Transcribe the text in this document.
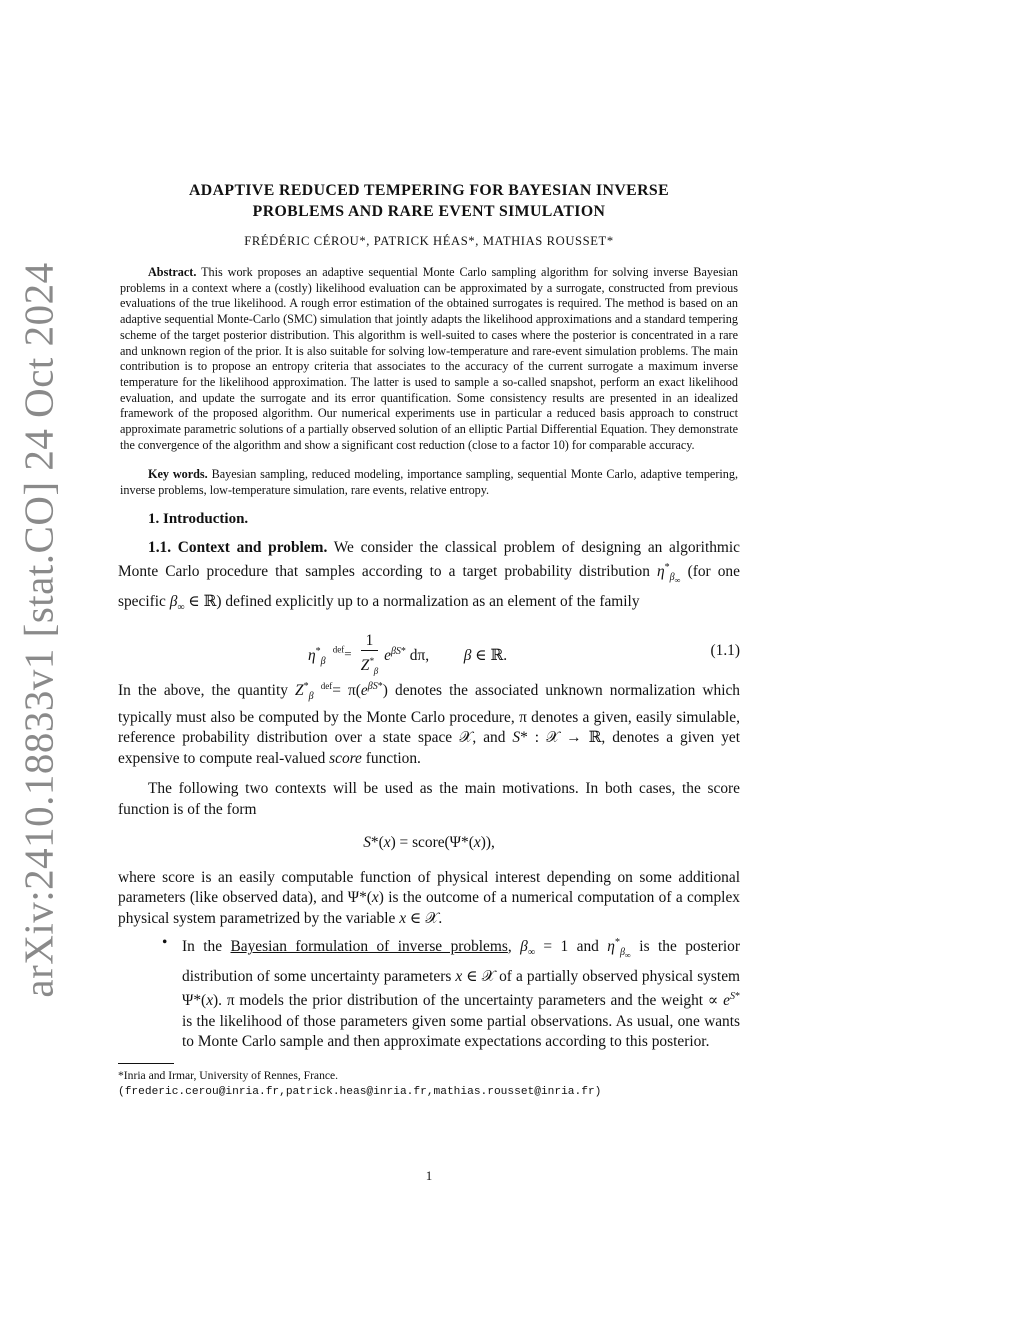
arXiv:2410.18833v1 [stat.CO] 24 Oct 2024
ADAPTIVE REDUCED TEMPERING FOR BAYESIAN INVERSE
PROBLEMS AND RARE EVENT SIMULATION
FRÉDÉRIC CÉROU*, PATRICK HÉAS*, MATHIAS ROUSSET*
Abstract. This work proposes an adaptive sequential Monte Carlo sampling algorithm for solving inverse Bayesian problems in a context where a (costly) likelihood evaluation can be approximated by a surrogate, constructed from previous evaluations of the true likelihood. A rough error estimation of the obtained surrogates is required. The method is based on an adaptive sequential Monte-Carlo (SMC) simulation that jointly adapts the likelihood approximations and a standard tempering scheme of the target posterior distribution. This algorithm is well-suited to cases where the posterior is concentrated in a rare and unknown region of the prior. It is also suitable for solving low-temperature and rare-event simulation problems. The main contribution is to propose an entropy criteria that associates to the accuracy of the current surrogate a maximum inverse temperature for the likelihood approximation. The latter is used to sample a so-called snapshot, perform an exact likelihood evaluation, and update the surrogate and its error quantification. Some consistency results are presented in an idealized framework of the proposed algorithm. Our numerical experiments use in particular a reduced basis approach to construct approximate parametric solutions of a partially observed solution of an elliptic Partial Differential Equation. They demonstrate the convergence of the algorithm and show a significant cost reduction (close to a factor 10) for comparable accuracy.
Key words. Bayesian sampling, reduced modeling, importance sampling, sequential Monte Carlo, adaptive tempering, inverse problems, low-temperature simulation, rare events, relative entropy.
1. Introduction.

1.1. Context and problem. We consider the classical problem of designing an algorithmic Monte Carlo procedure that samples according to a target probability distribution $\eta^*_{\beta_\infty}$ (for one specific $\beta_\infty$ ∈ ℝ) defined explicitly up to a normalization as an element of the family

$\eta^*_\beta$  $^{def}= \frac{1}{Z^*_\beta} e^{\beta S*}$ dπ,         β ∈ ℝ.	(1.1)

In the above, the quantity $Z^*_\beta$ $^{def}= \pi(e^{\beta S*})$ denotes the associated unknown normalization which typically must also be computed by the Monte Carlo procedure, π denotes a given, easily simulable, reference probability distribution over a state space 𝒳, and S* : 𝒳 → ℝ, denotes a given yet expensive to compute real-valued score function.

The following two contexts will be used as the main motivations. In both cases, the score function is of the form

S*(x) = score(Ψ*(x)),

where score is an easily computable function of physical interest depending on some additional parameters (like observed data), and Ψ*(x) is the outcome of a numerical computation of a complex physical system parametrized by the variable x ∈ 𝒳.

• In the Bayesian formulation of inverse problems, $\beta_\infty = 1$ and $\eta^*_{\beta_\infty}$ is the posterior distribution of some uncertainty parameters x ∈ 𝒳 of a partially observed physical system Ψ*(x). π models the prior distribution of the uncertainty parameters and the weight ∝ $e^{S*}$ is the likelihood of those parameters given some partial observations. As usual, one wants to Monte Carlo sample and then approximate expectations according to this posterior.
*Inria and Irmar, University of Rennes, France.
(frederic.cerou@inria.fr,patrick.heas@inria.fr,mathias.rousset@inria.fr)
1
